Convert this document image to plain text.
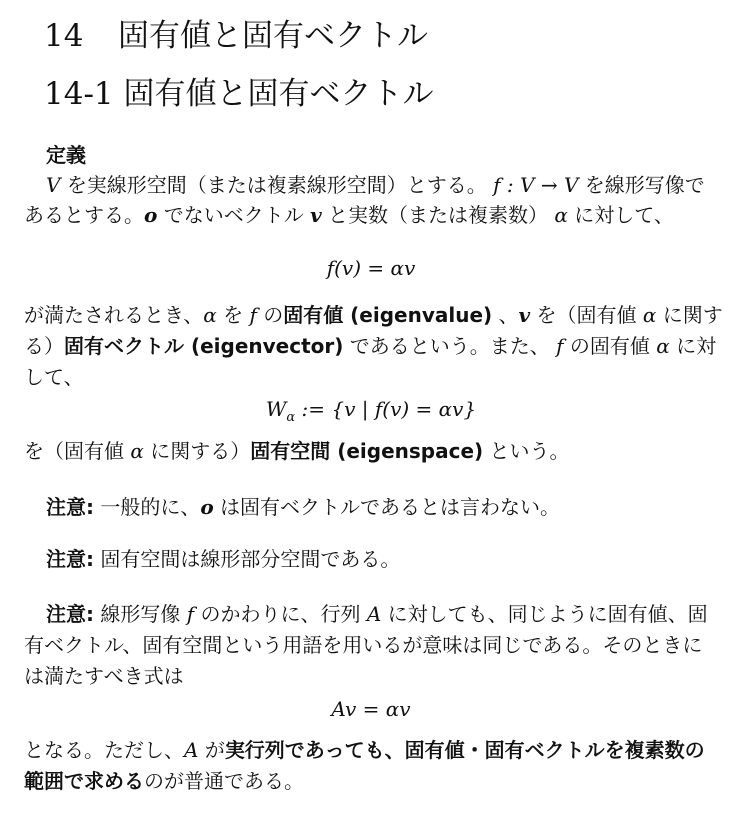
14 固有値と固有ベクトル
14-1 固有値と固有ベクトル
定義
V を実線形空間（または複素線形空間）とする。 f : V → V を線形写像で
あるとする。o でないベクトル v と実数（または複素数） α に対して、
f(v) = αv
が満たされるとき、α を f の固有値 (eigenvalue) 、v を（固有値 α に関す
る）固有ベクトル (eigenvector) であるという。また、 f の固有値 α に対
して、
$W_\alpha$ := {v | f(v) = αv}
を（固有値 α に関する）固有空間 (eigenspace) という。
注意: 一般的に、o は固有ベクトルであるとは言わない。
注意: 固有空間は線形部分空間である。
注意: 線形写像 f のかわりに、行列 A に対しても、同じように固有値、固
有ベクトル、固有空間という用語を用いるが意味は同じである。そのときに
は満たすべき式は
Av = αv
となる。ただし、A が実行列であっても、固有値・固有ベクトルを複素数の
範囲で求めるのが普通である。
